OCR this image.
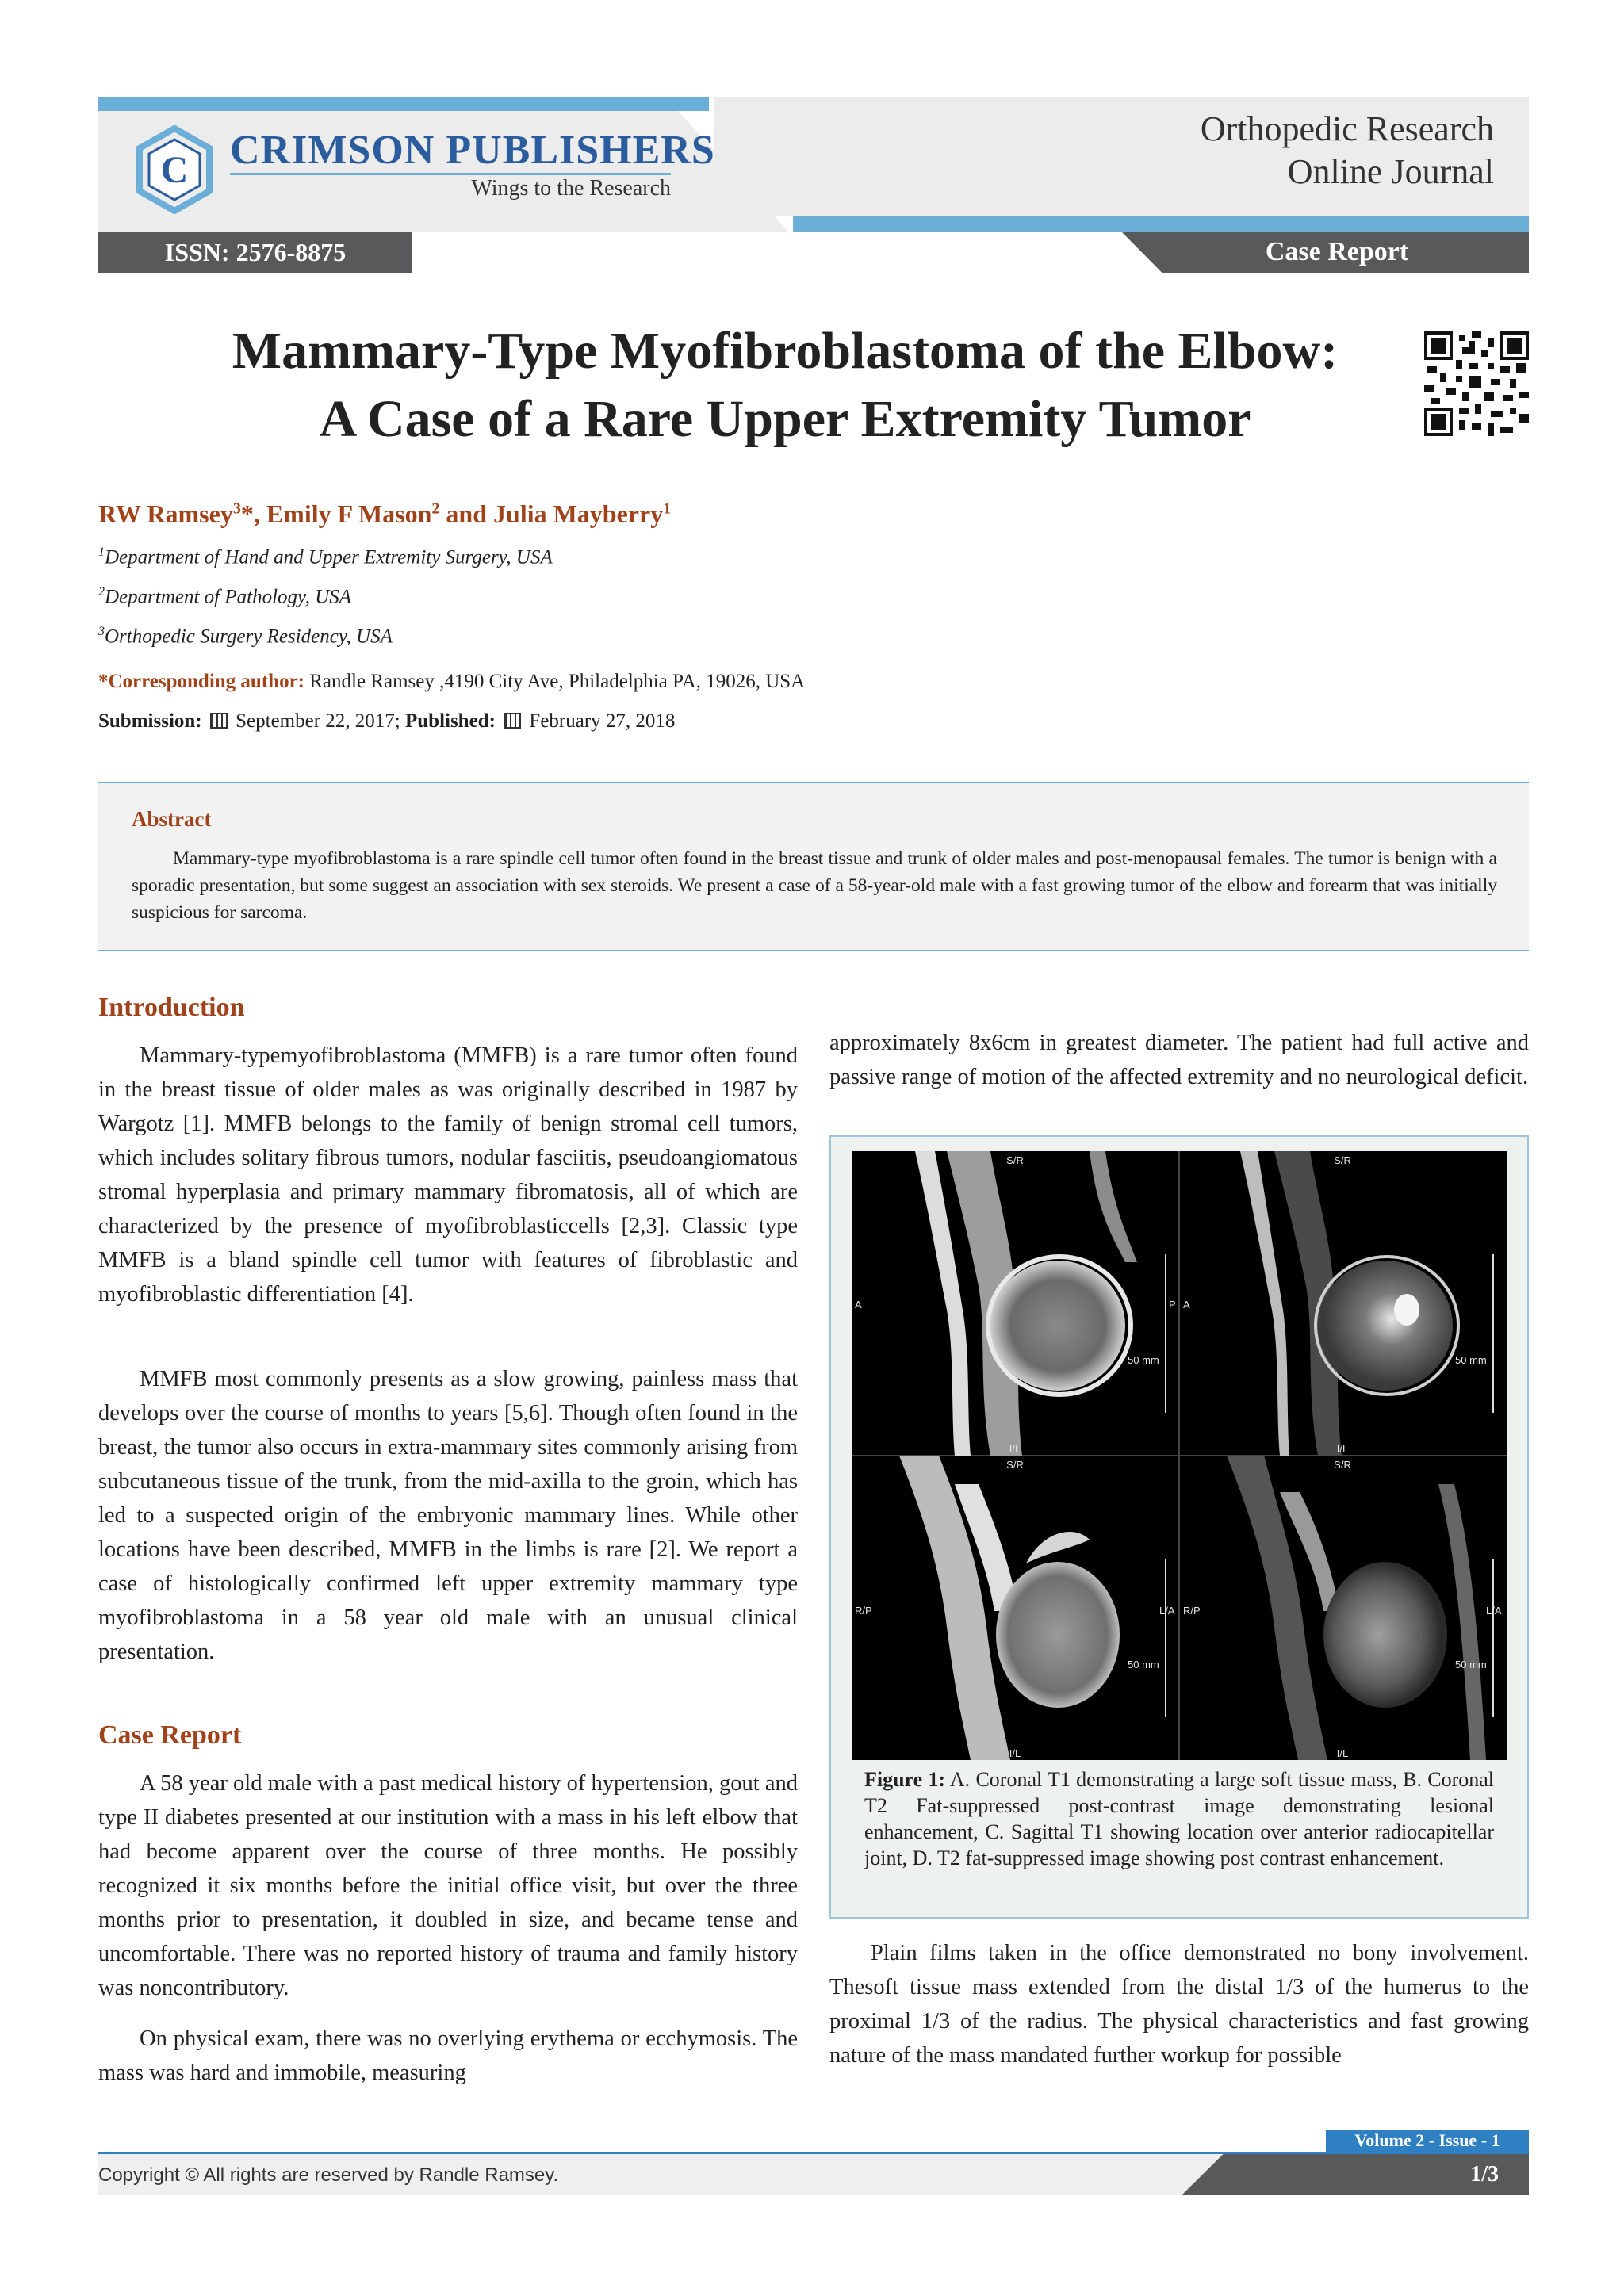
C CRIMSON PUBLISHERS
Wings to the Research
Orthopedic Research
Online Journal
ISSN: 2576-8875	Case Report
Mammary-Type Myofibroblastoma of the Elbow:
A Case of a Rare Upper Extremity Tumor
RW Ramsey$^3$*, Emily F Mason$^2$ and Julia Mayberry$^1$
$^1$Department of Hand and Upper Extremity Surgery, USA
$^2$Department of Pathology, USA
$^3$Orthopedic Surgery Residency, USA
*Corresponding author: Randle Ramsey ,4190 City Ave, Philadelphia PA, 19026, USA
Submission:  September 22, 2017; Published:  February 27, 2018
Abstract
Mammary-type myofibroblastoma is a rare spindle cell tumor often found in the breast tissue and trunk of older males and post-menopausal females. The tumor is benign with a sporadic presentation, but some suggest an association with sex steroids. We present a case of a 58-year-old male with a fast growing tumor of the elbow and forearm that was initially suspicious for sarcoma.
Introduction
Mammary-typemyofibroblastoma (MMFB) is a rare tumor often found in the breast tissue of older males as was originally described in 1987 by Wargotz [1]. MMFB belongs to the family of benign stromal cell tumors, which includes solitary fibrous tumors, nodular fasciitis, pseudoangiomatous stromal hyperplasia and primary mammary fibromatosis, all of which are characterized by the presence of myofibroblasticcells [2,3]. Classic type MMFB is a bland spindle cell tumor with features of fibroblastic and myofibroblastic differentiation [4].
MMFB most commonly presents as a slow growing, painless mass that develops over the course of months to years [5,6]. Though often found in the breast, the tumor also occurs in extra-mammary sites commonly arising from subcutaneous tissue of the trunk, from the mid-axilla to the groin, which has led to a suspected origin of the embryonic mammary lines. While other locations have been described, MMFB in the limbs is rare [2]. We report a case of histologically confirmed left upper extremity mammary type myofibroblastoma in a 58 year old male with an unusual clinical presentation.
Case Report
A 58 year old male with a past medical history of hypertension, gout and type II diabetes presented at our institution with a mass in his left elbow that had become apparent over the course of three months. He possibly recognized it six months before the initial office visit, but over the three months prior to presentation, it doubled in size, and became tense and uncomfortable. There was no reported history of trauma and family history was noncontributory.
On physical exam, there was no overlying erythema or ecchymosis. The mass was hard and immobile, measuring
approximately 8x6cm in greatest diameter. The patient had full active and passive range of motion of the affected extremity and no neurological deficit.
S/R	S/R
I/L	I/L
S/R	S/R
I/L	I/L
A	P A
R/P	L/A R/P	L/A
50 mm	50 mm
50 mm	50 mm
Figure 1: A. Coronal T1 demonstrating a large soft tissue mass, B. Coronal T2 Fat-suppressed post-contrast image demonstrating lesional enhancement, C. Sagittal T1 showing location over anterior radiocapitellar joint, D. T2 fat-suppressed image showing post contrast enhancement.
Plain films taken in the office demonstrated no bony involvement. Thesoft tissue mass extended from the distal 1/3 of the humerus to the proximal 1/3 of the radius. The physical characteristics and fast growing nature of the mass mandated further workup for possible
Volume 2 - Issue - 1
Copyright © All rights are reserved by Randle Ramsey.	1/3
